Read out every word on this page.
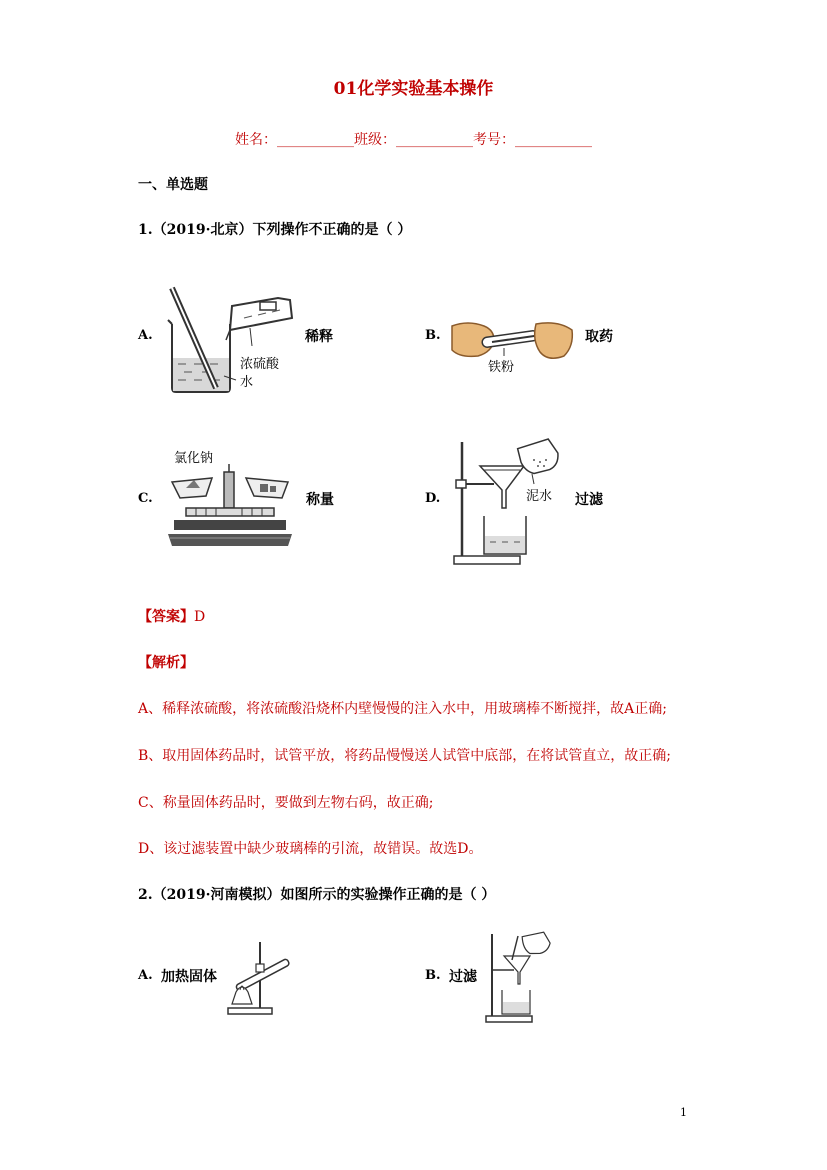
01化学实验基本操作
姓名：___________班级：___________考号：___________
一、单选题
1.（2019·北京）下列操作不正确的是（ ）
A.
浓硫酸
水
稀释	B.
铁粉
取药
C.
氯化钠
称量	D.	泥水 过滤
【答案】D
【解析】
A、稀释浓硫酸，将浓硫酸沿烧杯内壁慢慢的注入水中，用玻璃棒不断搅拌，故A正确;
B、取用固体药品时，试管平放，将药品慢慢送人试管中底部，在将试管直立，故正确;
C、称量固体药品时，要做到左物右码，故正确;
D、该过滤装置中缺少玻璃棒的引流，故错误。故选D。
2.（2019·河南模拟）如图所示的实验操作正确的是（ ）
A. 加热固体	B. 过滤
1
